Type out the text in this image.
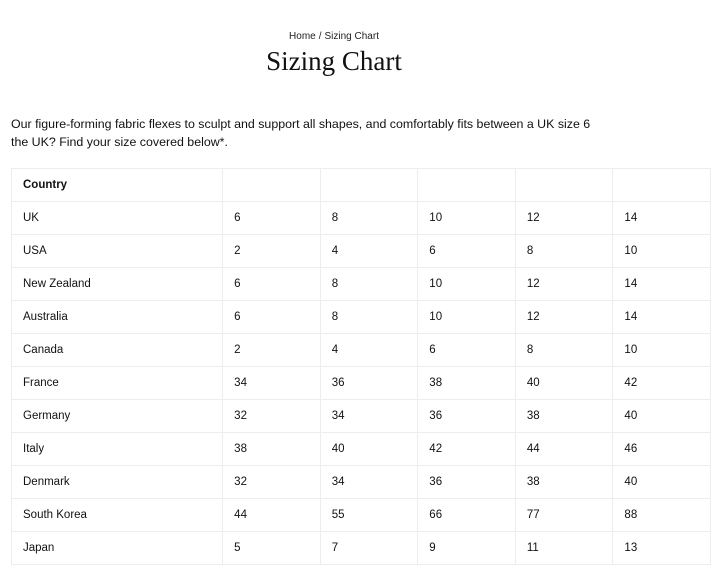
Home / Sizing Chart
Sizing Chart

Our figure-forming fabric flexes to sculpt and support all shapes, and comfortably fits between a UK size 6
the UK? Find your size covered below*.

Country					
UK	6	8	10	12	14
USA	2	4	6	8	10
New Zealand	6	8	10	12	14
Australia	6	8	10	12	14
Canada	2	4	6	8	10
France	34	36	38	40	42
Germany	32	34	36	38	40
Italy	38	40	42	44	46
Denmark	32	34	36	38	40
South Korea	44	55	66	77	88
Japan	5	7	9	11	13
